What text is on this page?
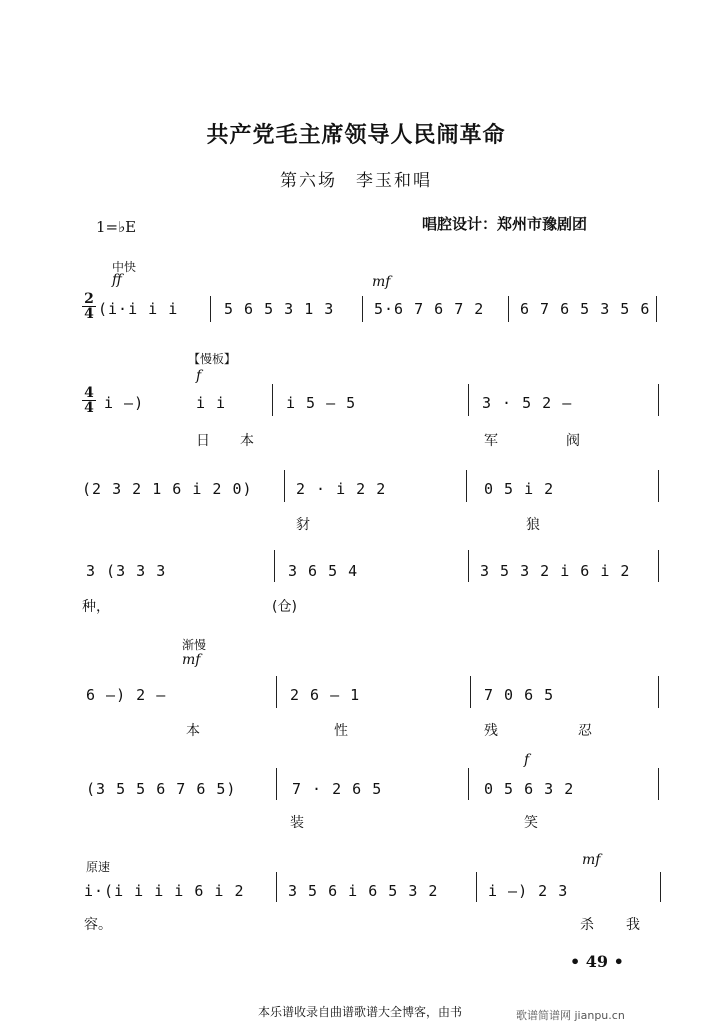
共产党毛主席领导人民闹革命
第六场　李玉和唱
1=♭E	唱腔设计：郑州市豫剧团
中快
ff
2
4 (i·i i i	5 6 5 3 1 3
mf
5·6 7 6 7 2 6 7 6 5 3 5 6
【慢板】
f
4
4 i —)	i i	i 5 — 5	3 · 5 2 —
日 本	军	阀
(2 3 2 1 6 i 2 0)	2 · i 2 2	0 5 i 2
豺	狼
3 (3 3 3	3 6 5 4	3 5 3 2 i 6 i 2
种，	(仓)
渐慢
mf
6 —) 2 —	2 6 — 1	7 0 6 5
本	性	残	忍
f
(3 5 5 6 7 6 5)	7 · 2 6 5	0 5 6 3 2
装	笑
原速	mf
i·(i i i i 6 i 2	3 5 6 i 6 5 3 2	i —) 2 3
容。	杀 我
• 49 •
本乐谱收录自曲谱歌谱大全博客，由书	歌谱简谱网 jianpu.cn
